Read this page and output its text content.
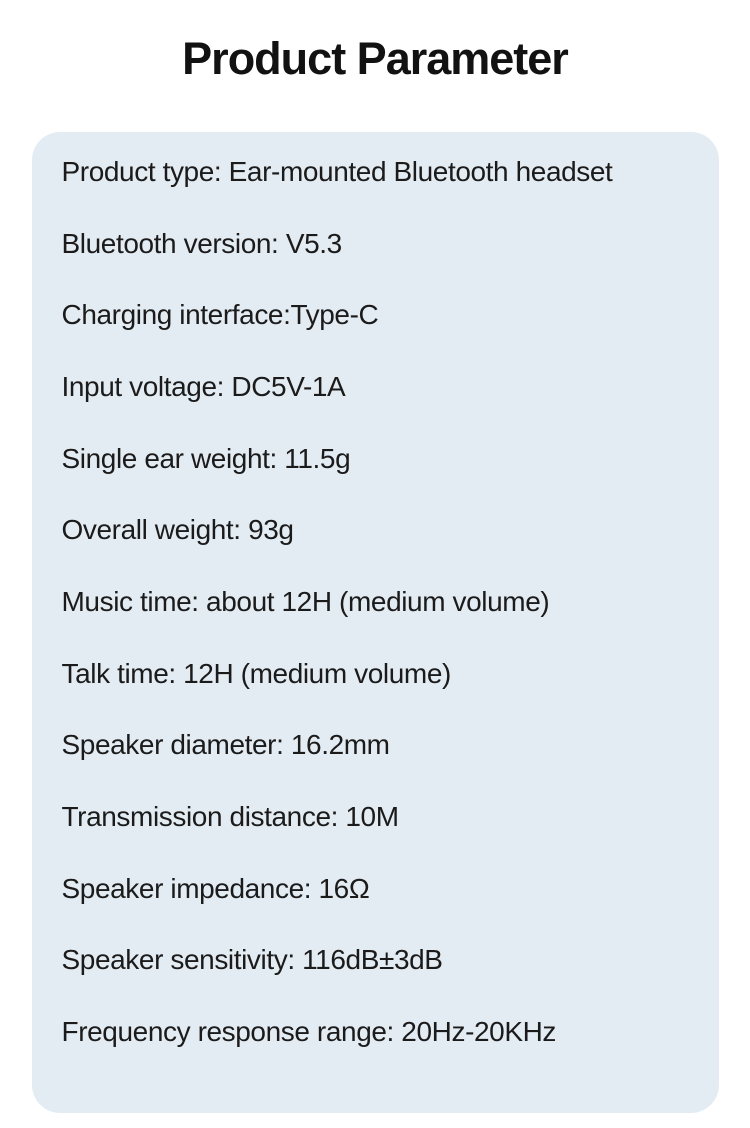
Product Parameter
Product type: Ear-mounted Bluetooth headset
Bluetooth version: V5.3
Charging interface:Type-C
Input voltage: DC5V-1A
Single ear weight: 11.5g
Overall weight: 93g
Music time: about 12H (medium volume)
Talk time: 12H (medium volume)
Speaker diameter: 16.2mm
Transmission distance: 10M
Speaker impedance: 16Ω
Speaker sensitivity: 116dB±3dB
Frequency response range: 20Hz-20KHz
